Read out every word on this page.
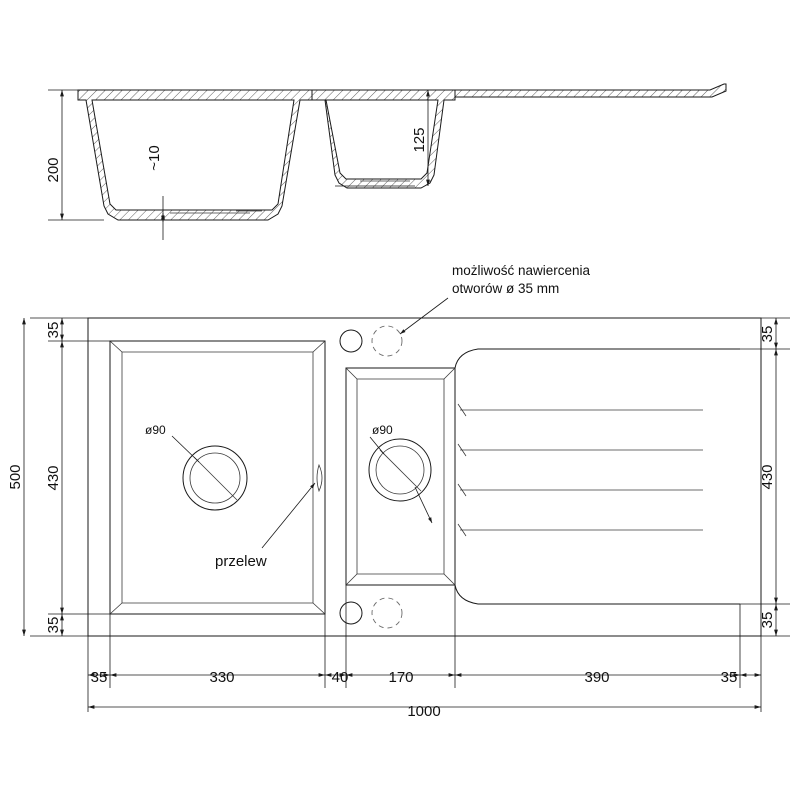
200	~10
125
możliwość nawiercenia
otworów ø 35 mm
ø90
przelew
ø90
35
430
35
500
35
430
35
35	330	40	170	390	35
1000
